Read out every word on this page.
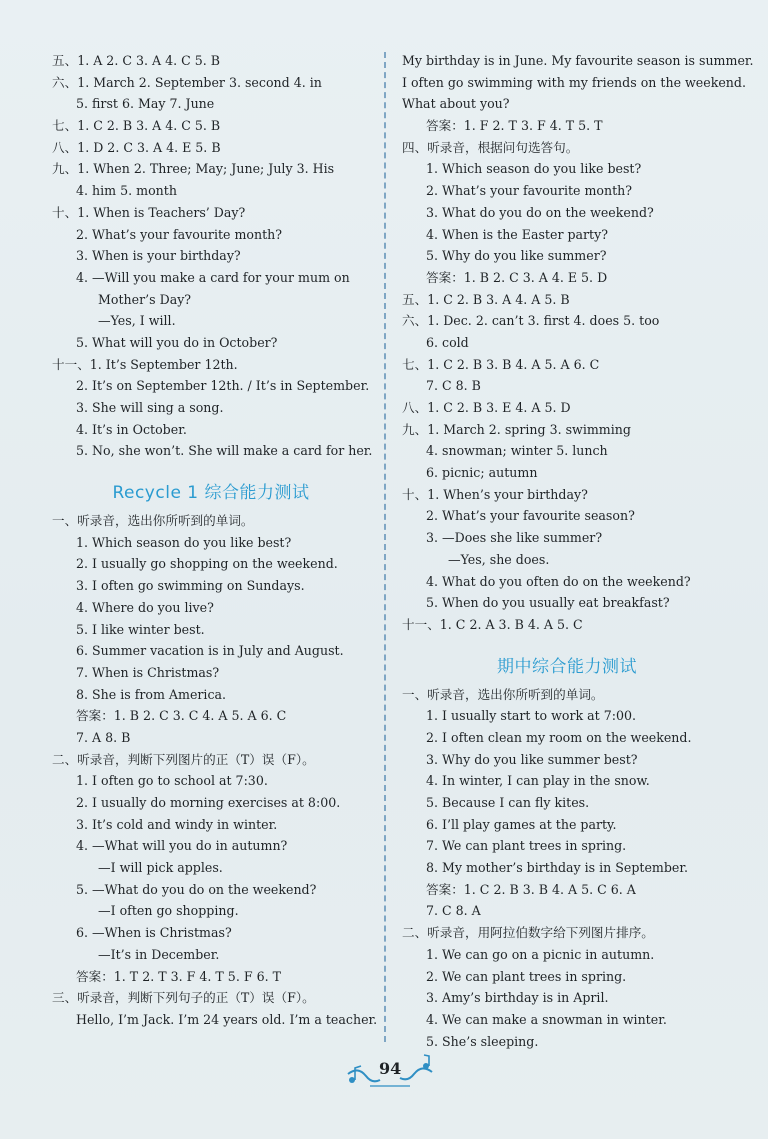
五、1. A 2. C 3. A 4. C 5. B
六、1. March 2. September 3. second 4. in
5. first 6. May 7. June
七、1. C 2. B 3. A 4. C 5. B
八、1. D 2. C 3. A 4. E 5. B
九、1. When 2. Three; May; June; July 3. His
4. him 5. month
十、1. When is Teachers’ Day?
2. What’s your favourite month?
3. When is your birthday?
4. —Will you make a card for your mum on
Mother’s Day?
—Yes, I will.
5. What will you do in October?
十一、1. It’s September 12th.
2. It’s on September 12th. / It’s in September.
3. She will sing a song.
4. It’s in October.
5. No, she won’t. She will make a card for her.
Recycle 1 综合能力测试
一、听录音，选出你所听到的单词。
1. Which season do you like best?
2. I usually go shopping on the weekend.
3. I often go swimming on Sundays.
4. Where do you live?
5. I like winter best.
6. Summer vacation is in July and August.
7. When is Christmas?
8. She is from America.
答案：1. B 2. C 3. C 4. A 5. A 6. C
7. A 8. B
二、听录音，判断下列图片的正（T）误（F）。
1. I often go to school at 7:30.
2. I usually do morning exercises at 8:00.
3. It’s cold and windy in winter.
4. —What will you do in autumn?
—I will pick apples.
5. —What do you do on the weekend?
—I often go shopping.
6. —When is Christmas?
—It’s in December.
答案：1. T 2. T 3. F 4. T 5. F 6. T
三、听录音，判断下列句子的正（T）误（F）。
Hello, I’m Jack. I’m 24 years old. I’m a teacher.
My birthday is in June. My favourite season is summer.
I often go swimming with my friends on the weekend.
What about you?
答案：1. F 2. T 3. F 4. T 5. T
四、听录音，根据问句选答句。
1. Which season do you like best?
2. What’s your favourite month?
3. What do you do on the weekend?
4. When is the Easter party?
5. Why do you like summer?
答案：1. B 2. C 3. A 4. E 5. D
五、1. C 2. B 3. A 4. A 5. B
六、1. Dec. 2. can’t 3. first 4. does 5. too
6. cold
七、1. C 2. B 3. B 4. A 5. A 6. C
7. C 8. B
八、1. C 2. B 3. E 4. A 5. D
九、1. March 2. spring 3. swimming
4. snowman; winter 5. lunch
6. picnic; autumn
十、1. When’s your birthday?
2. What’s your favourite season?
3. —Does she like summer?
—Yes, she does.
4. What do you often do on the weekend?
5. When do you usually eat breakfast?
十一、1. C 2. A 3. B 4. A 5. C
期中综合能力测试
一、听录音，选出你所听到的单词。
1. I usually start to work at 7:00.
2. I often clean my room on the weekend.
3. Why do you like summer best?
4. In winter, I can play in the snow.
5. Because I can fly kites.
6. I’ll play games at the party.
7. We can plant trees in spring.
8. My mother’s birthday is in September.
答案：1. C 2. B 3. B 4. A 5. C 6. A
7. C 8. A
二、听录音，用阿拉伯数字给下列图片排序。
1. We can go on a picnic in autumn.
2. We can plant trees in spring.
3. Amy’s birthday is in April.
4. We can make a snowman in winter.
5. She’s sleeping.
94
